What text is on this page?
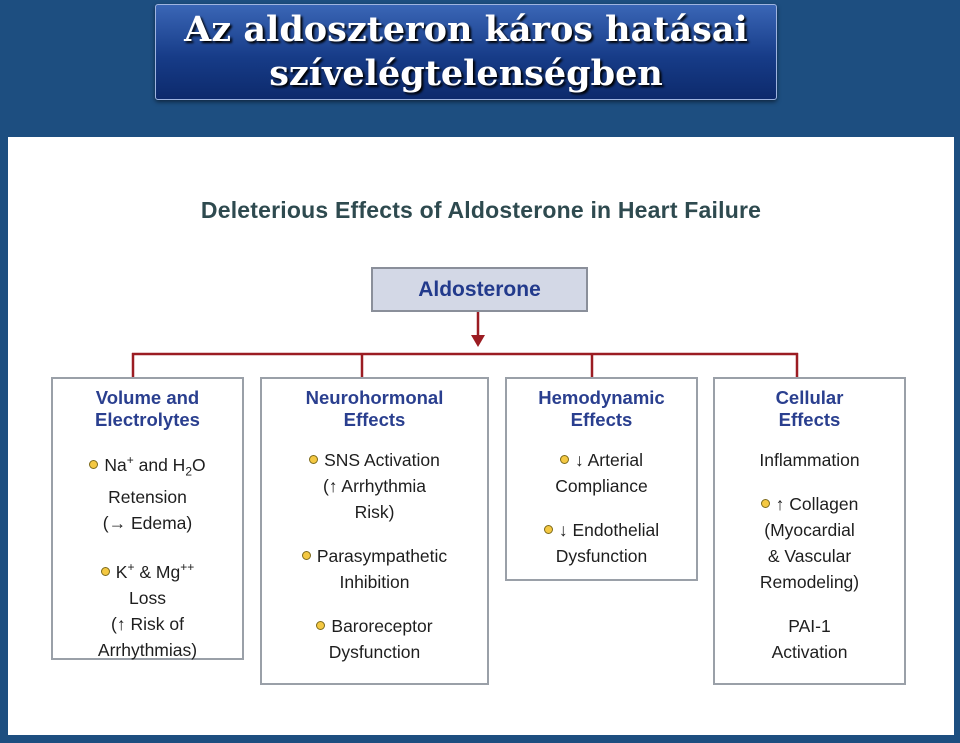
Az aldoszteron káros hatásai
szívelégtelenségben
Deleterious Effects of Aldosterone in Heart Failure
Aldosterone
Volume and
Electrolytes
Na+ and $H_2O$
Retension
(→ Edema)
K+ & Mg++
Loss
(↑ Risk of
Arrhythmias)
Neurohormonal
Effects
SNS Activation
(↑ Arrhythmia
Risk)
Parasympathetic
Inhibition
Baroreceptor
Dysfunction
Hemodynamic
Effects
↓ Arterial
Compliance
↓ Endothelial
Dysfunction
Cellular
Effects
Inflammation
↑ Collagen
(Myocardial
& Vascular
Remodeling)
PAI-1
Activation
